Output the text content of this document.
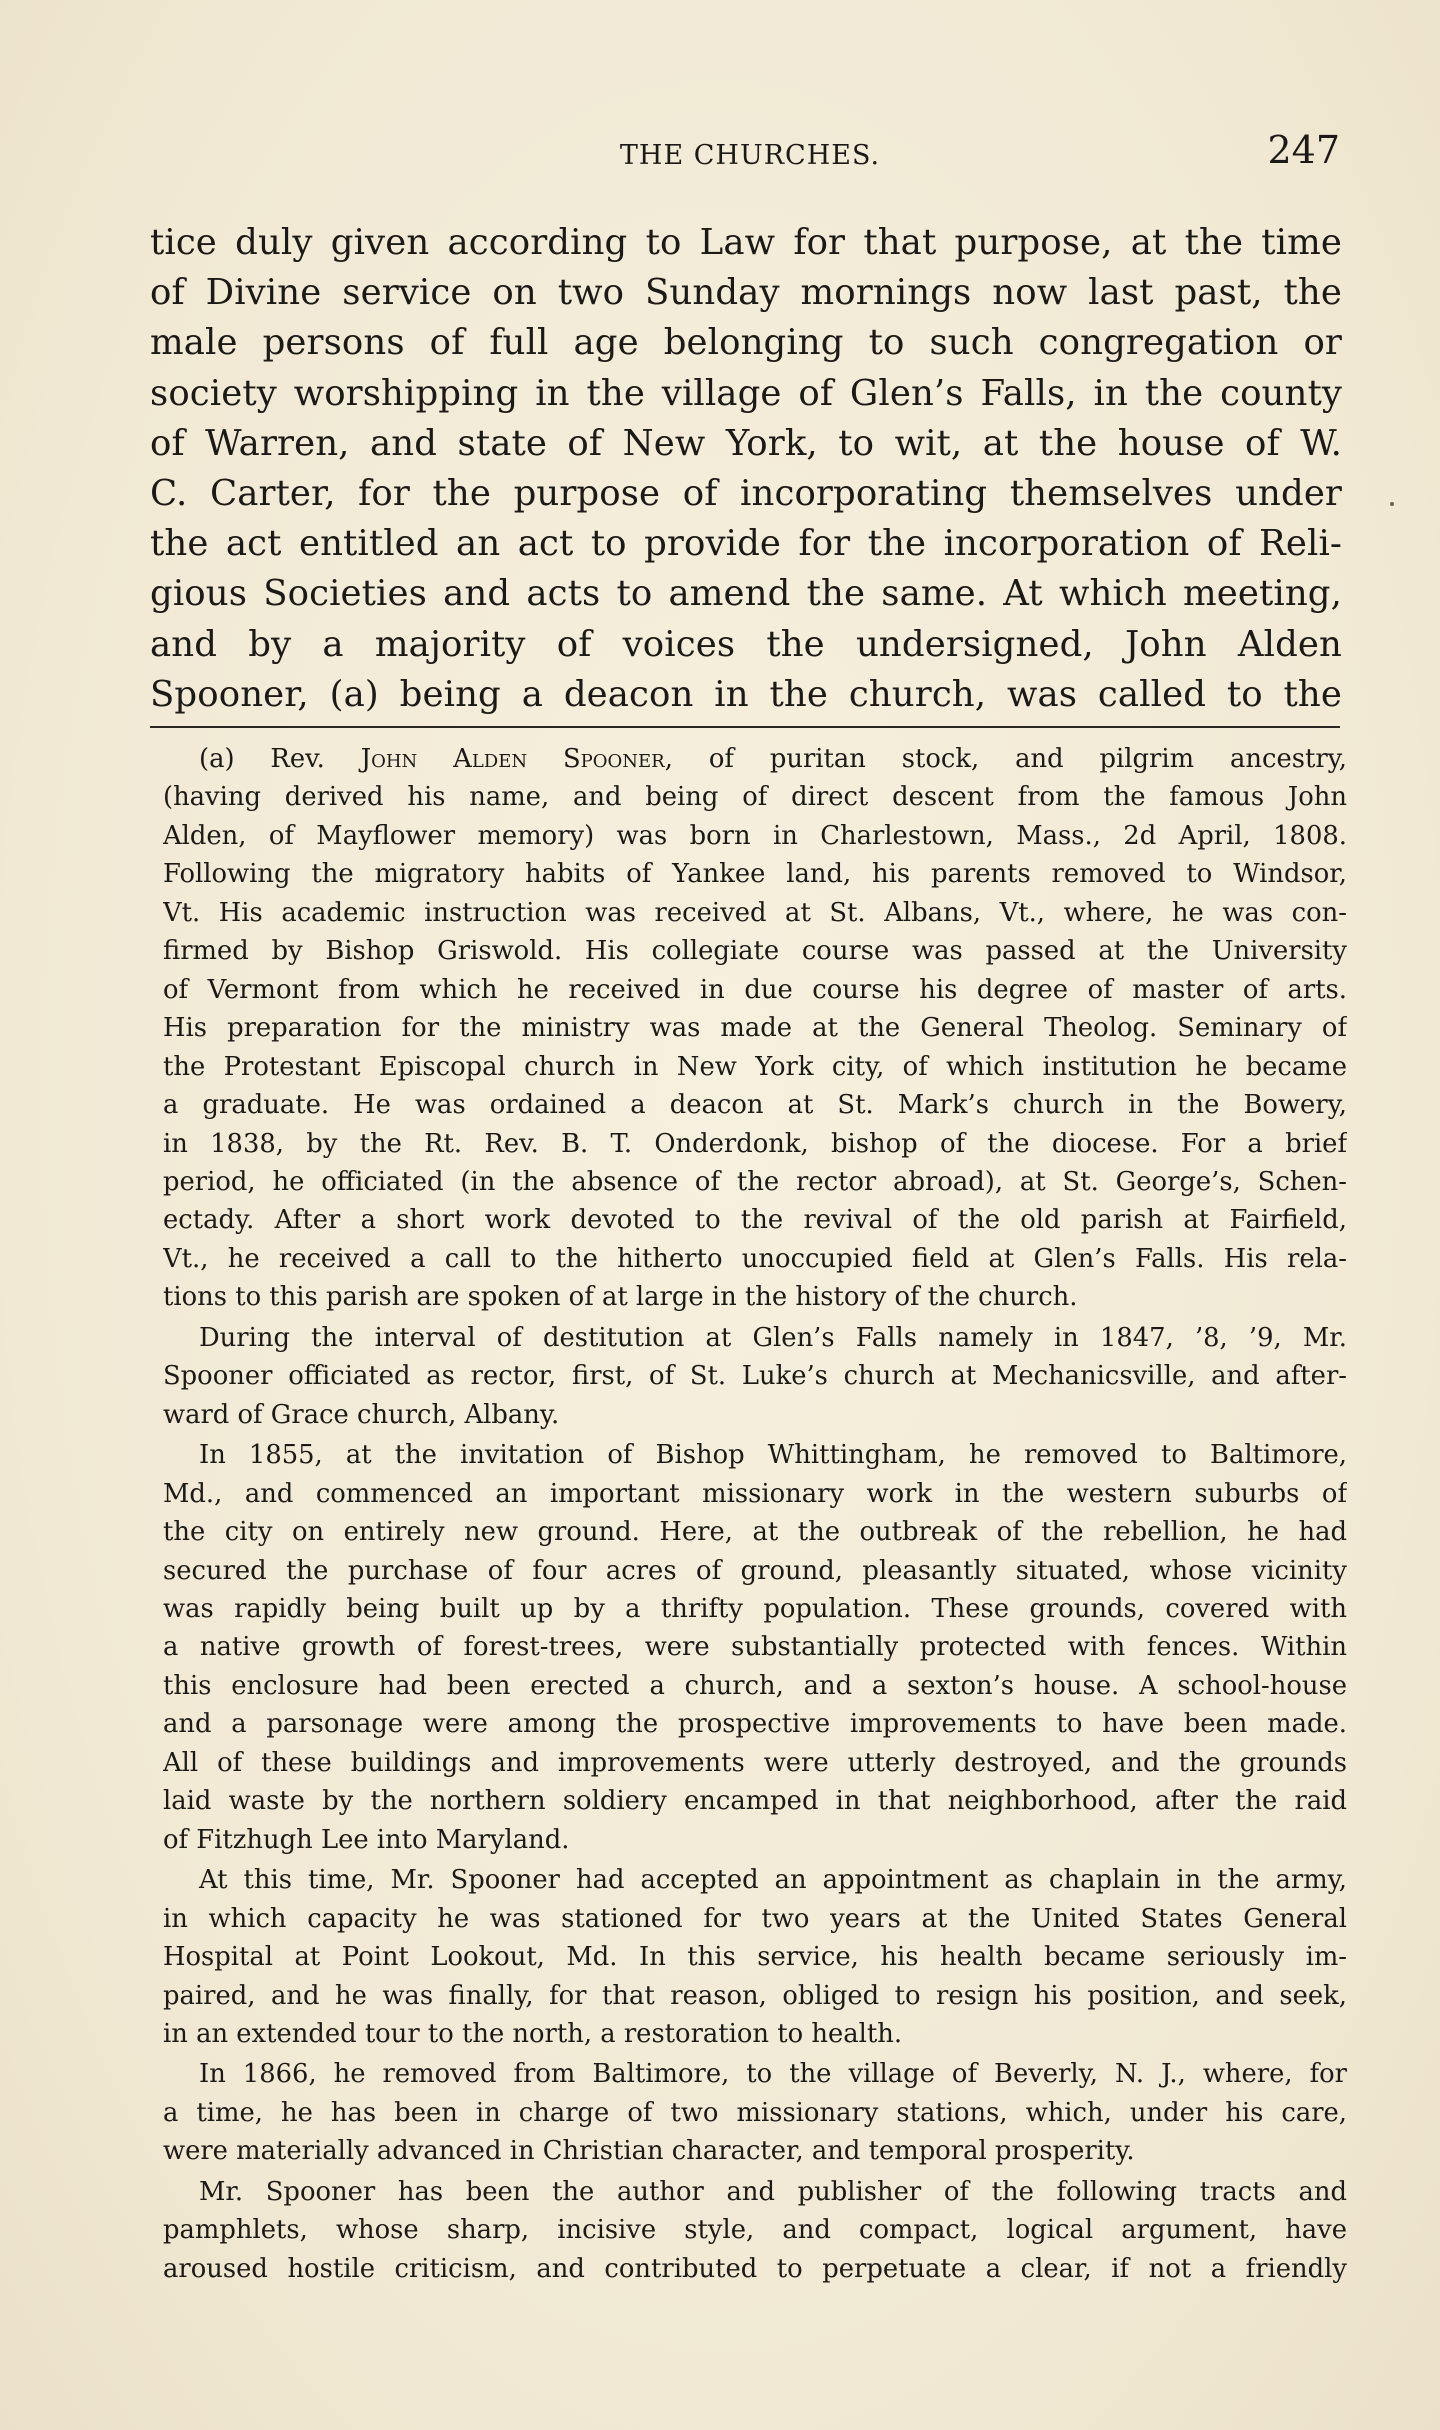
THE CHURCHES.	247
tice duly given according to Law for that purpose, at the time
of Divine service on two Sunday mornings now last past, the
male persons of full age belonging to such congregation or
society worshipping in the village of Glen’s Falls, in the county
of Warren, and state of New York, to wit, at the house of W.
C. Carter, for the purpose of incorporating themselves under
the act entitled an act to provide for the incorporation of Reli-
gious Societies and acts to amend the same. At which meeting,
and by a majority of voices the undersigned, John Alden
Spooner, (a) being a deacon in the church, was called to the
(a) Rev. John Alden Spooner, of puritan stock, and pilgrim ancestry,
(having derived his name, and being of direct descent from the famous John
Alden, of Mayflower memory) was born in Charlestown, Mass., 2d April, 1808.
Following the migratory habits of Yankee land, his parents removed to Windsor,
Vt. His academic instruction was received at St. Albans, Vt., where, he was con-
firmed by Bishop Griswold. His collegiate course was passed at the University
of Vermont from which he received in due course his degree of master of arts.
His preparation for the ministry was made at the General Theolog. Seminary of
the Protestant Episcopal church in New York city, of which institution he became
a graduate. He was ordained a deacon at St. Mark’s church in the Bowery,
in 1838, by the Rt. Rev. B. T. Onderdonk, bishop of the diocese. For a brief
period, he officiated (in the absence of the rector abroad), at St. George’s, Schen-
ectady. After a short work devoted to the revival of the old parish at Fairfield,
Vt., he received a call to the hitherto unoccupied field at Glen’s Falls. His rela-
tions to this parish are spoken of at large in the history of the church.
During the interval of destitution at Glen’s Falls namely in 1847, ’8, ’9, Mr.
Spooner officiated as rector, first, of St. Luke’s church at Mechanicsville, and after-
ward of Grace church, Albany.
In 1855, at the invitation of Bishop Whittingham, he removed to Baltimore,
Md., and commenced an important missionary work in the western suburbs of
the city on entirely new ground. Here, at the outbreak of the rebellion, he had
secured the purchase of four acres of ground, pleasantly situated, whose vicinity
was rapidly being built up by a thrifty population. These grounds, covered with
a native growth of forest-trees, were substantially protected with fences. Within
this enclosure had been erected a church, and a sexton’s house. A school-house
and a parsonage were among the prospective improvements to have been made.
All of these buildings and improvements were utterly destroyed, and the grounds
laid waste by the northern soldiery encamped in that neighborhood, after the raid
of Fitzhugh Lee into Maryland.
At this time, Mr. Spooner had accepted an appointment as chaplain in the army,
in which capacity he was stationed for two years at the United States General
Hospital at Point Lookout, Md. In this service, his health became seriously im-
paired, and he was finally, for that reason, obliged to resign his position, and seek,
in an extended tour to the north, a restoration to health.
In 1866, he removed from Baltimore, to the village of Beverly, N. J., where, for
a time, he has been in charge of two missionary stations, which, under his care,
were materially advanced in Christian character, and temporal prosperity.
Mr. Spooner has been the author and publisher of the following tracts and
pamphlets, whose sharp, incisive style, and compact, logical argument, have
aroused hostile criticism, and contributed to perpetuate a clear, if not a friendly
